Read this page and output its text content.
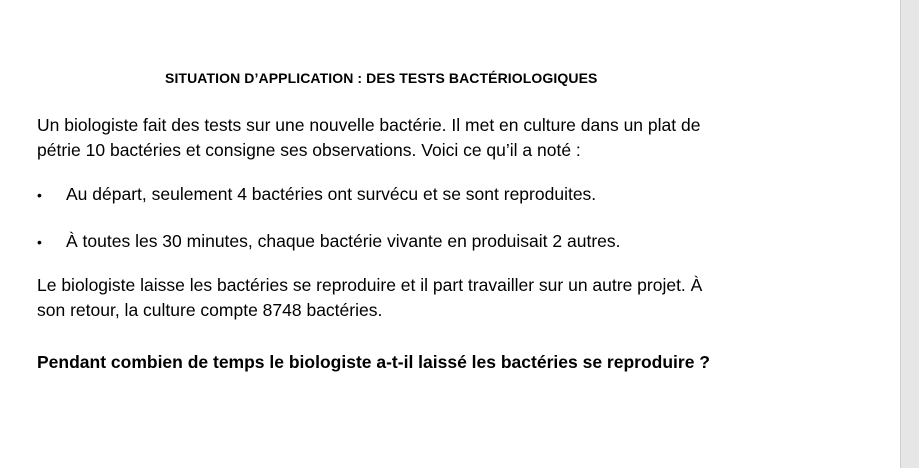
SITUATION D’APPLICATION : DES TESTS BACTÉRIOLOGIQUES
Un biologiste fait des tests sur une nouvelle bactérie. Il met en culture dans un plat de
pétrie 10 bactéries et consigne ses observations. Voici ce qu’il a noté :
• Au départ, seulement 4 bactéries ont survécu et se sont reproduites.
• À toutes les 30 minutes, chaque bactérie vivante en produisait 2 autres.
Le biologiste laisse les bactéries se reproduire et il part travailler sur un autre projet. À
son retour, la culture compte 8748 bactéries.
Pendant combien de temps le biologiste a-t-il laissé les bactéries se reproduire ?
